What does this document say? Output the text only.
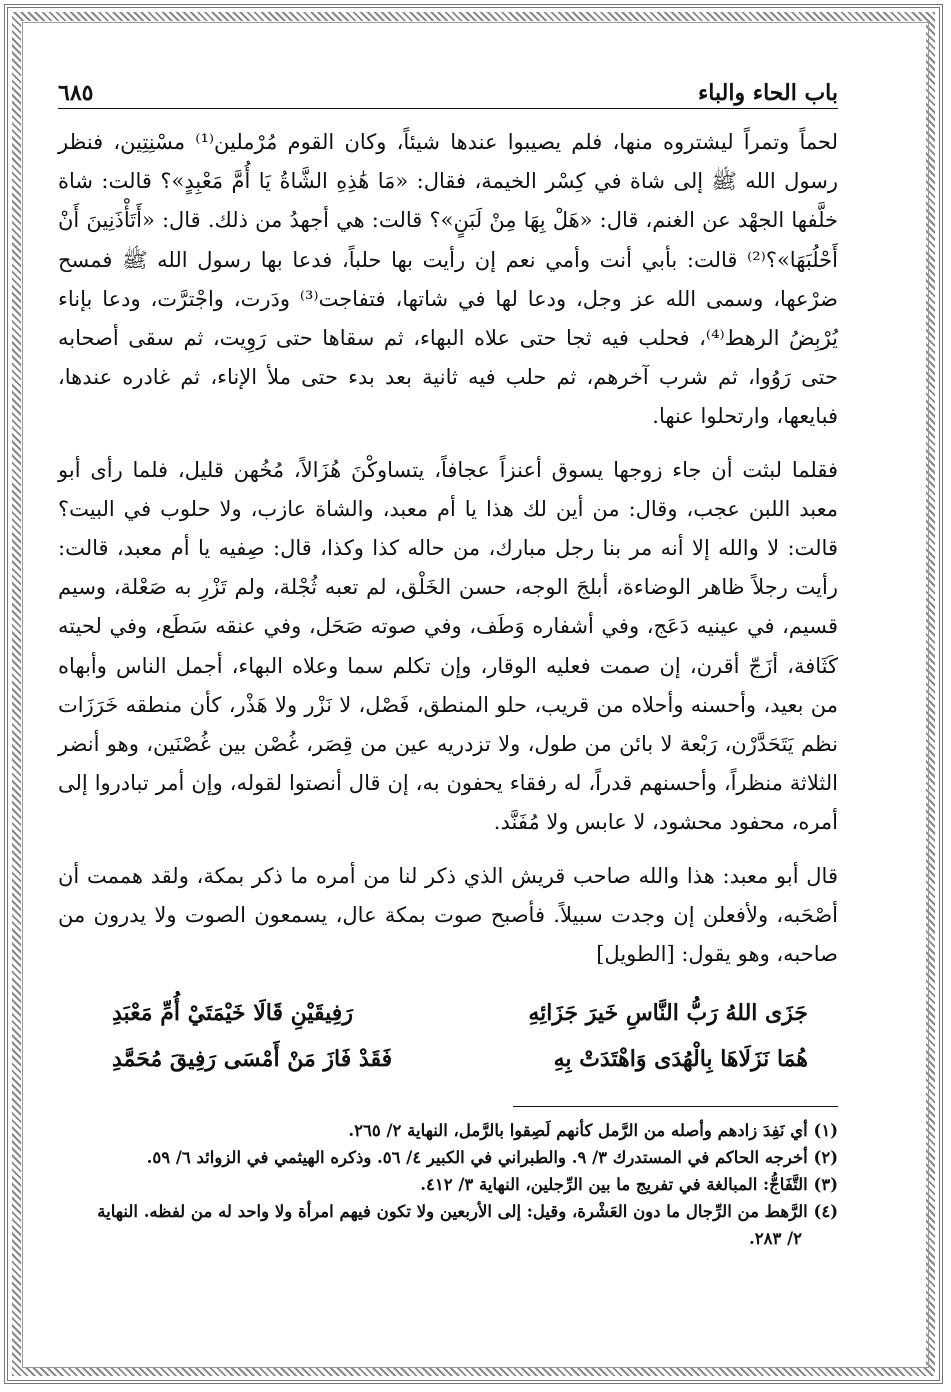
باب الحاء والباء
٦٨٥

لحماً وتمراً ليشتروه منها، فلم يصيبوا عندها شيئاً، وكان القوم مُرْملين⁽¹⁾ مسْنِتِين، فنظر رسول الله ﷺ إلى شاة في كِسْر الخيمة، فقال: «مَا هَٰذِهِ الشَّاةُ يَا أُمَّ مَعْبِدٍ»؟ قالت: شاة خلَّفها الجهْد عن الغنم، قال: «هَلْ بِهَا مِنْ لَبَنٍ»؟ قالت: هي أجهدُ من ذلك. قال: «أَتَأْذَنِينَ أَنْ أَحْلُبَهَا»؟⁽²⁾ قالت: بأبي أنت وأمي نعم إن رأيت بها حلباً، فدعا بها رسول الله ﷺ فمسح ضرْعها، وسمى الله عز وجل، ودعا لها في شاتها، فتفاجت⁽³⁾ ودَرت، واجْترَّت، ودعا بإناء يُرْبِضُ الرهط⁽⁴⁾، فحلب فيه ثجا حتى علاه البهاء، ثم سقاها حتى رَوِيت، ثم سقى أصحابه حتى رَوُوا، ثم شرب آخرهم، ثم حلب فيه ثانية بعد بدء حتى ملأ الإناء، ثم غادره عندها، فبايعها، وارتحلوا عنها.

فقلما لبثت أن جاء زوجها يسوق أعنزاً عجافاً، يتساوكْنَ هُزَالاً، مُخُهن قليل، فلما رأى أبو معبد اللبن عجب، وقال: من أين لك هذا يا أم معبد، والشاة عازب، ولا حلوب في البيت؟ قالت: لا والله إلا أنه مر بنا رجل مبارك، من حاله كذا وكذا، قال: صِفيه يا أم معبد، قالت: رأيت رجلاً ظاهر الوضاءة، أبلجَ الوجه، حسن الخَلْق، لم تعبه ثُجْلة، ولم تَزْرِ به صَعْلة، وسيم قسيم، في عينيه دَعَج، وفي أشفاره وَطَف، وفي صوته صَحَل، وفي عنقه سَطَع، وفي لحيته كَثَافة، أزَجّ أقرن، إن صمت فعليه الوقار، وإن تكلم سما وعلاه البهاء، أجمل الناس وأبهاه من بعيد، وأحسنه وأحلاه من قريب، حلو المنطق، فَصْل، لا نَزْر ولا هَذْر، كأن منطقه خَرَزَات نظم يَتَحَدَّرْن، رَبْعة لا بائن من طول، ولا تزدريه عين من قِصَر، غُصْن بين غُصْنَين، وهو أنضر الثلاثة منظراً، وأحسنهم قدراً، له رفقاء يحفون به، إن قال أنصتوا لقوله، وإن أمر تبادروا إلى أمره، محفود محشود، لا عابس ولا مُفَنَّد.

قال أبو معبد: هذا والله صاحب قريش الذي ذكر لنا من أمره ما ذكر بمكة، ولقد هممت أن أصْحَبه، ولأفعلن إن وجدت سبيلاً. فأصبح صوت بمكة عال، يسمعون الصوت ولا يدرون من صاحبه، وهو يقول: [الطويل]

جَزَى اللهُ رَبُّ النَّاسِ خَيرَ جَزَائِهِ
رَفِيقَيْنِ قَالَا خَيْمَتَيْ أُمِّ مَعْبَدِ
هُمَا نَزَلَاهَا بِالْهُدَى وَاهْتَدَتْ بِهِ
فَقَدْ فَازَ مَنْ أَمْسَى رَفِيقَ مُحَمَّدِ

(١) أي نَفِدَ زادهم وأصله من الرَّمل كأنهم لَصِقوا بالرَّمل، النهاية ٢/ ٢٦٥.

(٢) أخرجه الحاكم في المستدرك ٣/ ٩. والطبراني في الكبير ٤/ ٥٦. وذكره الهيثمي في الزوائد ٦/ ٥٩.

(٣) التَّفَاجُّ: المبالغة في تفريج ما بين الرِّجلين، النهاية ٣/ ٤١٢.

(٤) الرَّهط من الرِّجال ما دون العَشْرة، وقيل: إلى الأربعين ولا تكون فيهم امرأة ولا واحد له من لفظه. النهاية

٢/ ٢٨٣.
